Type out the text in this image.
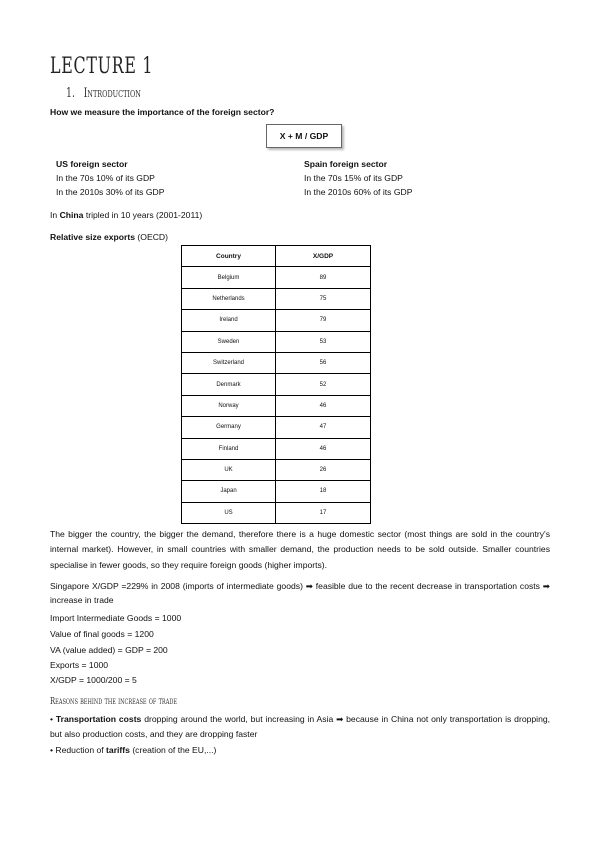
LECTURE 1
1. Introduction
How we measure the importance of the foreign sector?
X + M / GDP
US foreign sector
In the 70s 10% of its GDP
In the 2010s 30% of its GDP
Spain foreign sector
In the 70s 15% of its GDP
In the 2010s 60% of its GDP
In China tripled in 10 years (2001-2011)
Relative size exports (OECD)
Country	X/GDP
Belgium	89
Netherlands	75
Ireland	79
Sweden	53
Switzerland	56
Denmark	52
Norway	46
Germany	47
Finland	46
UK	26
Japan	18
US	17
The bigger the country, the bigger the demand, therefore there is a huge domestic sector (most things are sold in the country's internal market). However, in small countries with smaller demand, the production needs to be sold outside. Smaller countries specialise in fewer goods, so they require foreign goods (higher imports).
Singapore X/GDP =229% in 2008 (imports of intermediate goods) ➡ feasible due to the recent decrease in transportation costs ➡ increase in trade
Import Intermediate Goods = 1000
Value of final goods = 1200
VA (value added) = GDP = 200
Exports = 1000
X/GDP = 1000/200 = 5
Reasons behind the increase of trade
• Transportation costs dropping around the world, but increasing in Asia ➡ because in China not only transportation is dropping, but also production costs, and they are dropping faster
• Reduction of tariffs (creation of the EU,...)
